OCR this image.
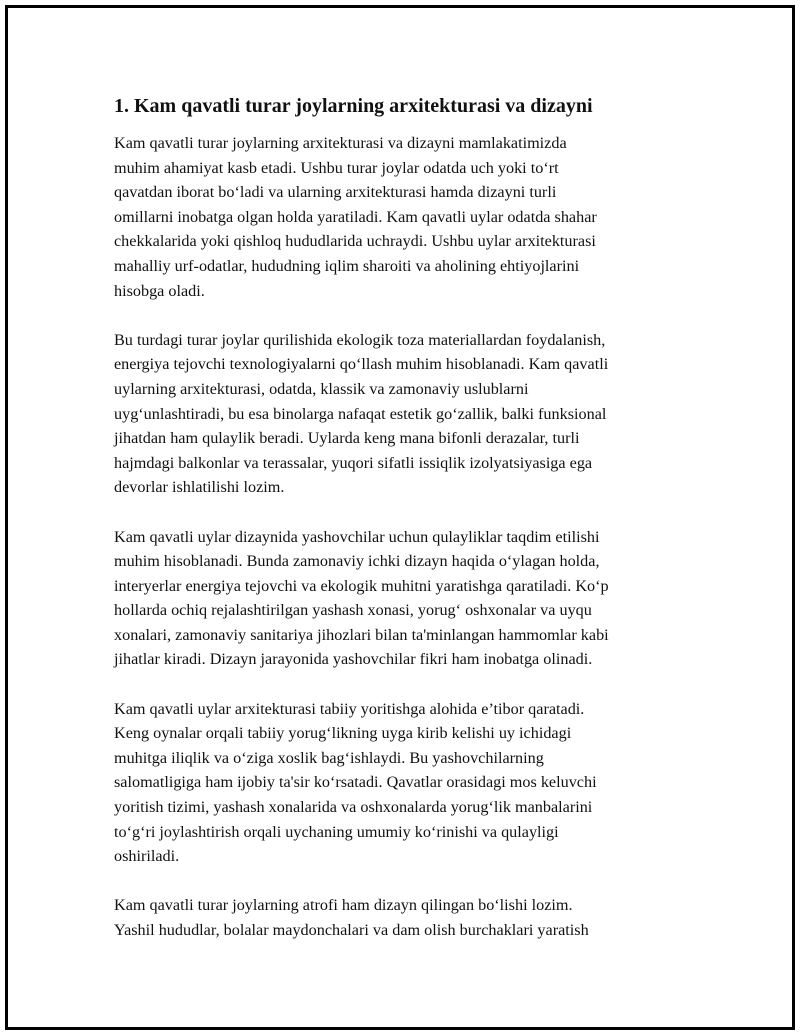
1. Kam qavatli turar joylarning arxitekturasi va dizayni
Kam qavatli turar joylarning arxitekturasi va dizayni mamlakatimizda
muhim ahamiyat kasb etadi. Ushbu turar joylar odatda uch yoki to‘rt
qavatdan iborat bo‘ladi va ularning arxitekturasi hamda dizayni turli
omillarni inobatga olgan holda yaratiladi. Kam qavatli uylar odatda shahar
chekkalarida yoki qishloq hududlarida uchraydi. Ushbu uylar arxitekturasi
mahalliy urf-odatlar, hududning iqlim sharoiti va aholining ehtiyojlarini
hisobga oladi.
Bu turdagi turar joylar qurilishida ekologik toza materiallardan foydalanish,
energiya tejovchi texnologiyalarni qo‘llash muhim hisoblanadi. Kam qavatli
uylarning arxitekturasi, odatda, klassik va zamonaviy uslublarni
uyg‘unlashtiradi, bu esa binolarga nafaqat estetik go‘zallik, balki funksional
jihatdan ham qulaylik beradi. Uylarda keng mana bifonli derazalar, turli
hajmdagi balkonlar va terassalar, yuqori sifatli issiqlik izolyatsiyasiga ega
devorlar ishlatilishi lozim.
Kam qavatli uylar dizaynida yashovchilar uchun qulayliklar taqdim etilishi
muhim hisoblanadi. Bunda zamonaviy ichki dizayn haqida o‘ylagan holda,
interyerlar energiya tejovchi va ekologik muhitni yaratishga qaratiladi. Ko‘p
hollarda ochiq rejalashtirilgan yashash xonasi, yorug‘ oshxonalar va uyqu
xonalari, zamonaviy sanitariya jihozlari bilan ta'minlangan hammomlar kabi
jihatlar kiradi. Dizayn jarayonida yashovchilar fikri ham inobatga olinadi.
Kam qavatli uylar arxitekturasi tabiiy yoritishga alohida e’tibor qaratadi.
Keng oynalar orqali tabiiy yorug‘likning uyga kirib kelishi uy ichidagi
muhitga iliqlik va o‘ziga xoslik bag‘ishlaydi. Bu yashovchilarning
salomatligiga ham ijobiy ta'sir ko‘rsatadi. Qavatlar orasidagi mos keluvchi
yoritish tizimi, yashash xonalarida va oshxonalarda yorug‘lik manbalarini
to‘g‘ri joylashtirish orqali uychaning umumiy ko‘rinishi va qulayligi
oshiriladi.
Kam qavatli turar joylarning atrofi ham dizayn qilingan bo‘lishi lozim.
Yashil hududlar, bolalar maydonchalari va dam olish burchaklari yaratish
